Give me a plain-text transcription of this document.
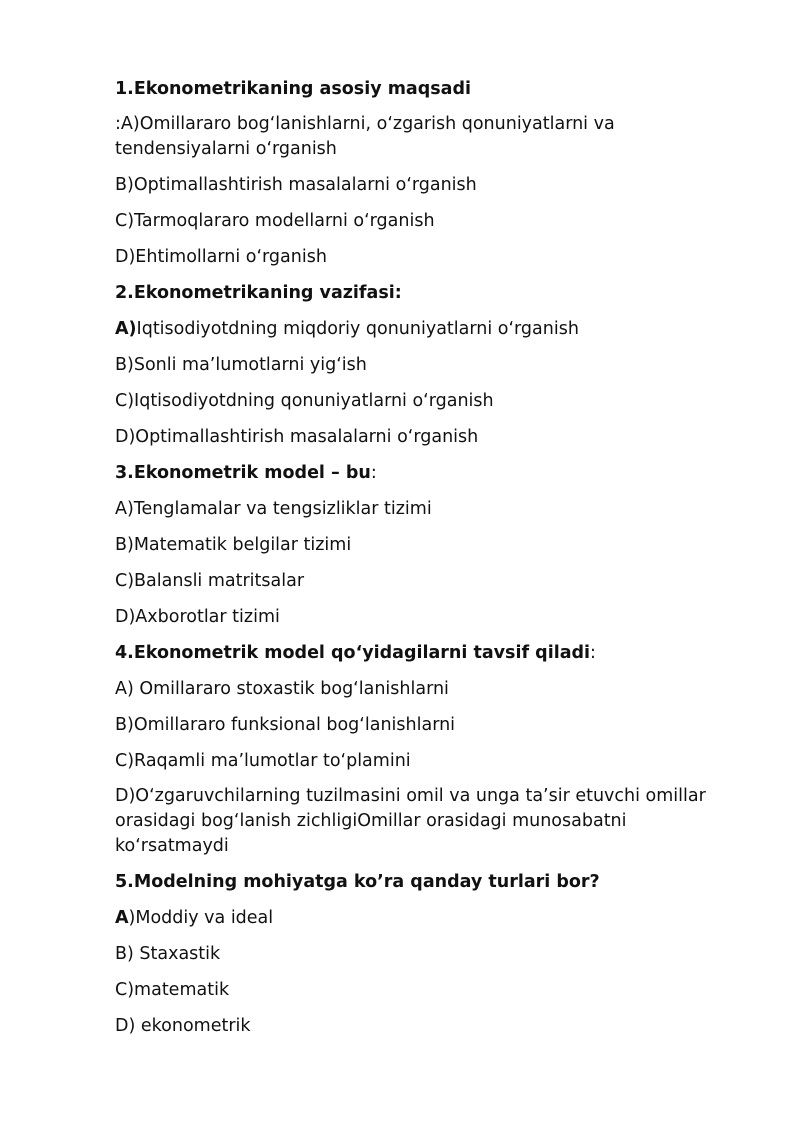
1.Ekonometrikaning asosiy maqsadi
:A)Omillararo bog‘lanishlarni, o‘zgarish qonuniyatlarni va tendensiyalarni o‘rganish
B)Optimallashtirish masalalarni o‘rganish
C)Tarmoqlararo modellarni o‘rganish
D)Ehtimollarni o‘rganish
2.Ekonometrikaning vazifasi:
A)Iqtisodiyotdning miqdoriy qonuniyatlarni o‘rganish
B)Sonli ma’lumotlarni yig‘ish
C)Iqtisodiyotdning qonuniyatlarni o‘rganish
D)Optimallashtirish masalalarni o‘rganish
3.Ekonometrik model – bu:
A)Tenglamalar va tengsizliklar tizimi
B)Matematik belgilar tizimi
C)Balansli matritsalar
D)Axborotlar tizimi
4.Ekonometrik model qo‘yidagilarni tavsif qiladi:
A) Omillararo stoxastik bog‘lanishlarni
B)Omillararo funksional bog‘lanishlarni
C)Raqamli ma’lumotlar to‘plamini
D)O‘zgaruvchilarning tuzilmasini omil va unga ta’sir etuvchi omillar orasidagi bog‘lanish zichligiOmillar orasidagi munosabatni ko‘rsatmaydi
5.Modelning mohiyatga ko’ra qanday turlari bor?
A)Moddiy va ideal
B) Staxastik
C)matematik
D) ekonometrik
